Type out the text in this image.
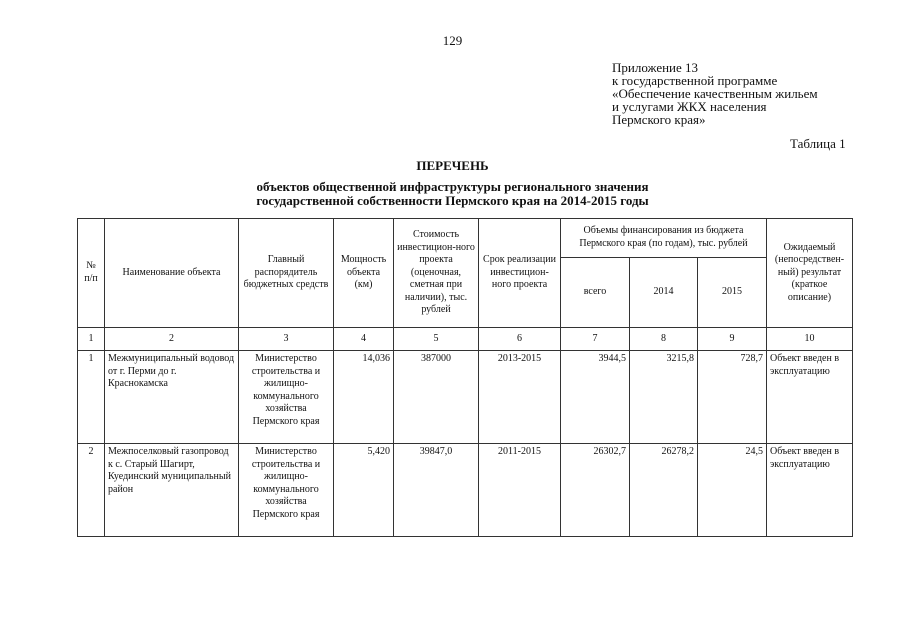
129
Приложение 13
к государственной программе
«Обеспечение качественным жильем
и услугами ЖКХ населения
Пермского края»
Таблица 1
ПЕРЕЧЕНЬ
объектов общественной инфраструктуры регионального значения
государственной собственности Пермского края на 2014-2015 годы
№ п/п	Наименование объекта	Главный распорядитель бюджетных средств	Мощность объекта (км)	Стоимость инвестицион-ного проекта (оценочная, сметная при наличии), тыс. рублей	Срок реализации инвестицион-ного проекта	Объемы финансирования из бюджета Пермского края (по годам), тыс. рублей			Ожидаемый (непосредствен-ный) результат (краткое описание)
						всего	2014	2015	
1	2	3	4	5	6	7	8	9	10
1	Межмуниципальный водовод от г. Перми до г. Краснокамска	Министерство строительства и жилищно-коммунального хозяйства Пермского края	14,036	387000	2013-2015	3944,5	3215,8	728,7	Объект введен в эксплуатацию
2	Межпоселковый газопровод к с. Старый Шагирт, Куединский муниципальный район	Министерство строительства и жилищно-коммунального хозяйства Пермского края	5,420	39847,0	2011-2015	26302,7	26278,2	24,5	Объект введен в эксплуатацию
